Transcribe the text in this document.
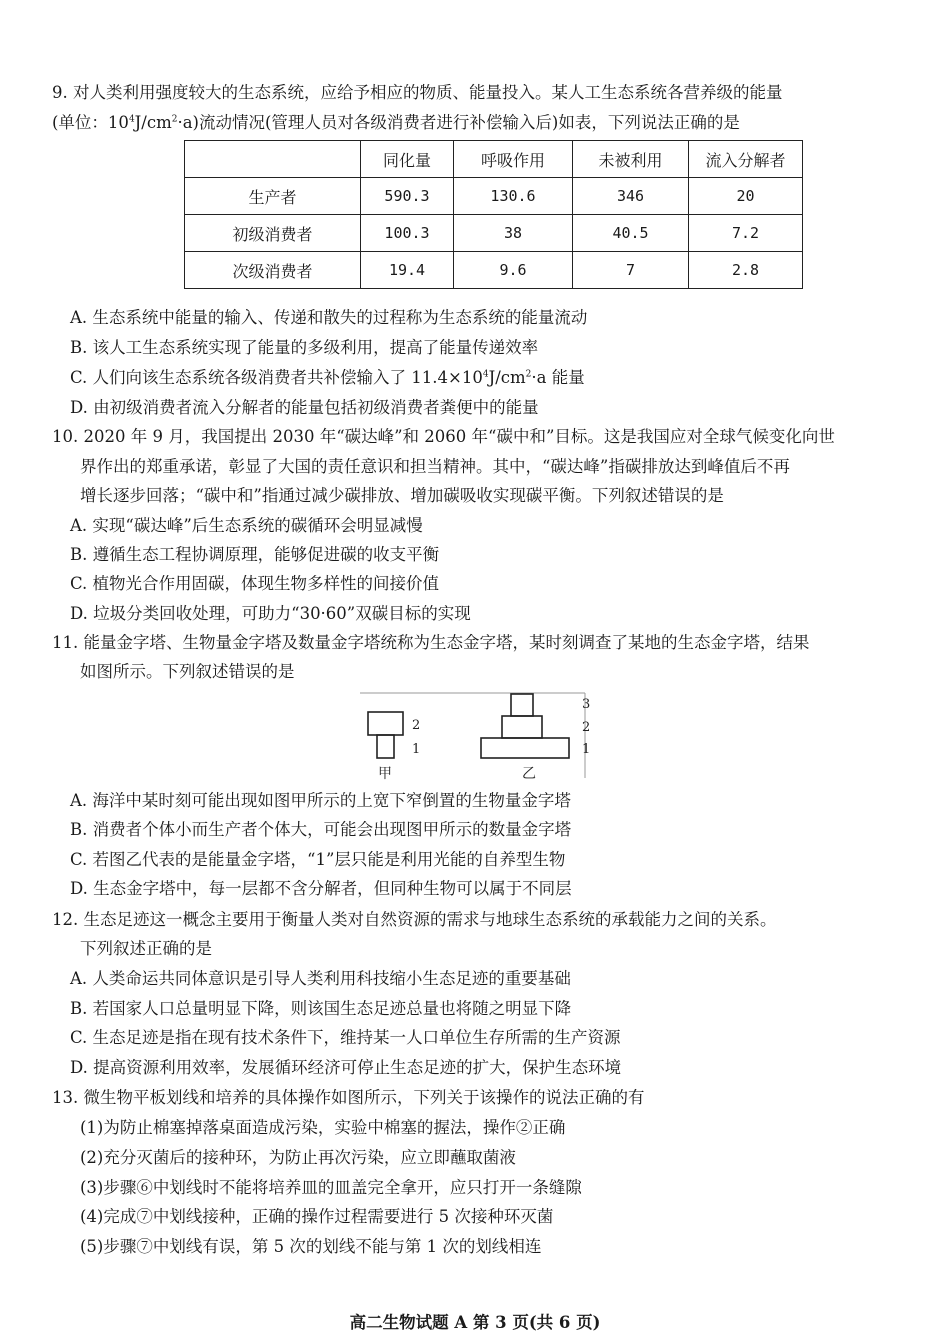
9. 对人类利用强度较大的生态系统，应给予相应的物质、能量投入。某人工生态系统各营养级的能量
(单位：$10^4J/cm^2\cdot a$)流动情况(管理人员对各级消费者进行补偿输入后)如表，下列说法正确的是
	同化量	呼吸作用	未被利用	流入分解者
生产者	590.3	130.6	346	20
初级消费者	100.3	38	40.5	7.2
次级消费者	19.4	9.6	7	2.8
A. 生态系统中能量的输入、传递和散失的过程称为生态系统的能量流动
B. 该人工生态系统实现了能量的多级利用，提高了能量传递效率
C. 人们向该生态系统各级消费者共补偿输入了 $11.4\times 10^4J/cm^2\cdot a$ 能量
D. 由初级消费者流入分解者的能量包括初级消费者粪便中的能量
10. 2020 年 9 月，我国提出 2030 年“碳达峰”和 2060 年“碳中和”目标。这是我国应对全球气候变化向世
界作出的郑重承诺，彰显了大国的责任意识和担当精神。其中，“碳达峰”指碳排放达到峰值后不再
增长逐步回落；“碳中和”指通过减少碳排放、增加碳吸收实现碳平衡。下列叙述错误的是
A. 实现“碳达峰”后生态系统的碳循环会明显减慢
B. 遵循生态工程协调原理，能够促进碳的收支平衡
C. 植物光合作用固碳，体现生物多样性的间接价值
D. 垃圾分类回收处理，可助力“30·60”双碳目标的实现
11. 能量金字塔、生物量金字塔及数量金字塔统称为生态金字塔，某时刻调查了某地的生态金字塔，结果
如图所示。下列叙述错误的是
2
1
甲
3
2
1
乙
A. 海洋中某时刻可能出现如图甲所示的上宽下窄倒置的生物量金字塔
B. 消费者个体小而生产者个体大，可能会出现图甲所示的数量金字塔
C. 若图乙代表的是能量金字塔，“1”层只能是利用光能的自养型生物
D. 生态金字塔中，每一层都不含分解者，但同种生物可以属于不同层
12. 生态足迹这一概念主要用于衡量人类对自然资源的需求与地球生态系统的承载能力之间的关系。
下列叙述正确的是
A. 人类命运共同体意识是引导人类利用科技缩小生态足迹的重要基础
B. 若国家人口总量明显下降，则该国生态足迹总量也将随之明显下降
C. 生态足迹是指在现有技术条件下，维持某一人口单位生存所需的生产资源
D. 提高资源利用效率，发展循环经济可停止生态足迹的扩大，保护生态环境
13. 微生物平板划线和培养的具体操作如图所示，下列关于该操作的说法正确的有
(1)为防止棉塞掉落桌面造成污染，实验中棉塞的握法，操作②正确
(2)充分灭菌后的接种环，为防止再次污染，应立即蘸取菌液
(3)步骤⑥中划线时不能将培养皿的皿盖完全拿开，应只打开一条缝隙
(4)完成⑦中划线接种，正确的操作过程需要进行 5 次接种环灭菌
(5)步骤⑦中划线有误，第 5 次的划线不能与第 1 次的划线相连
高二生物试题 A 第 3 页(共 6 页)
